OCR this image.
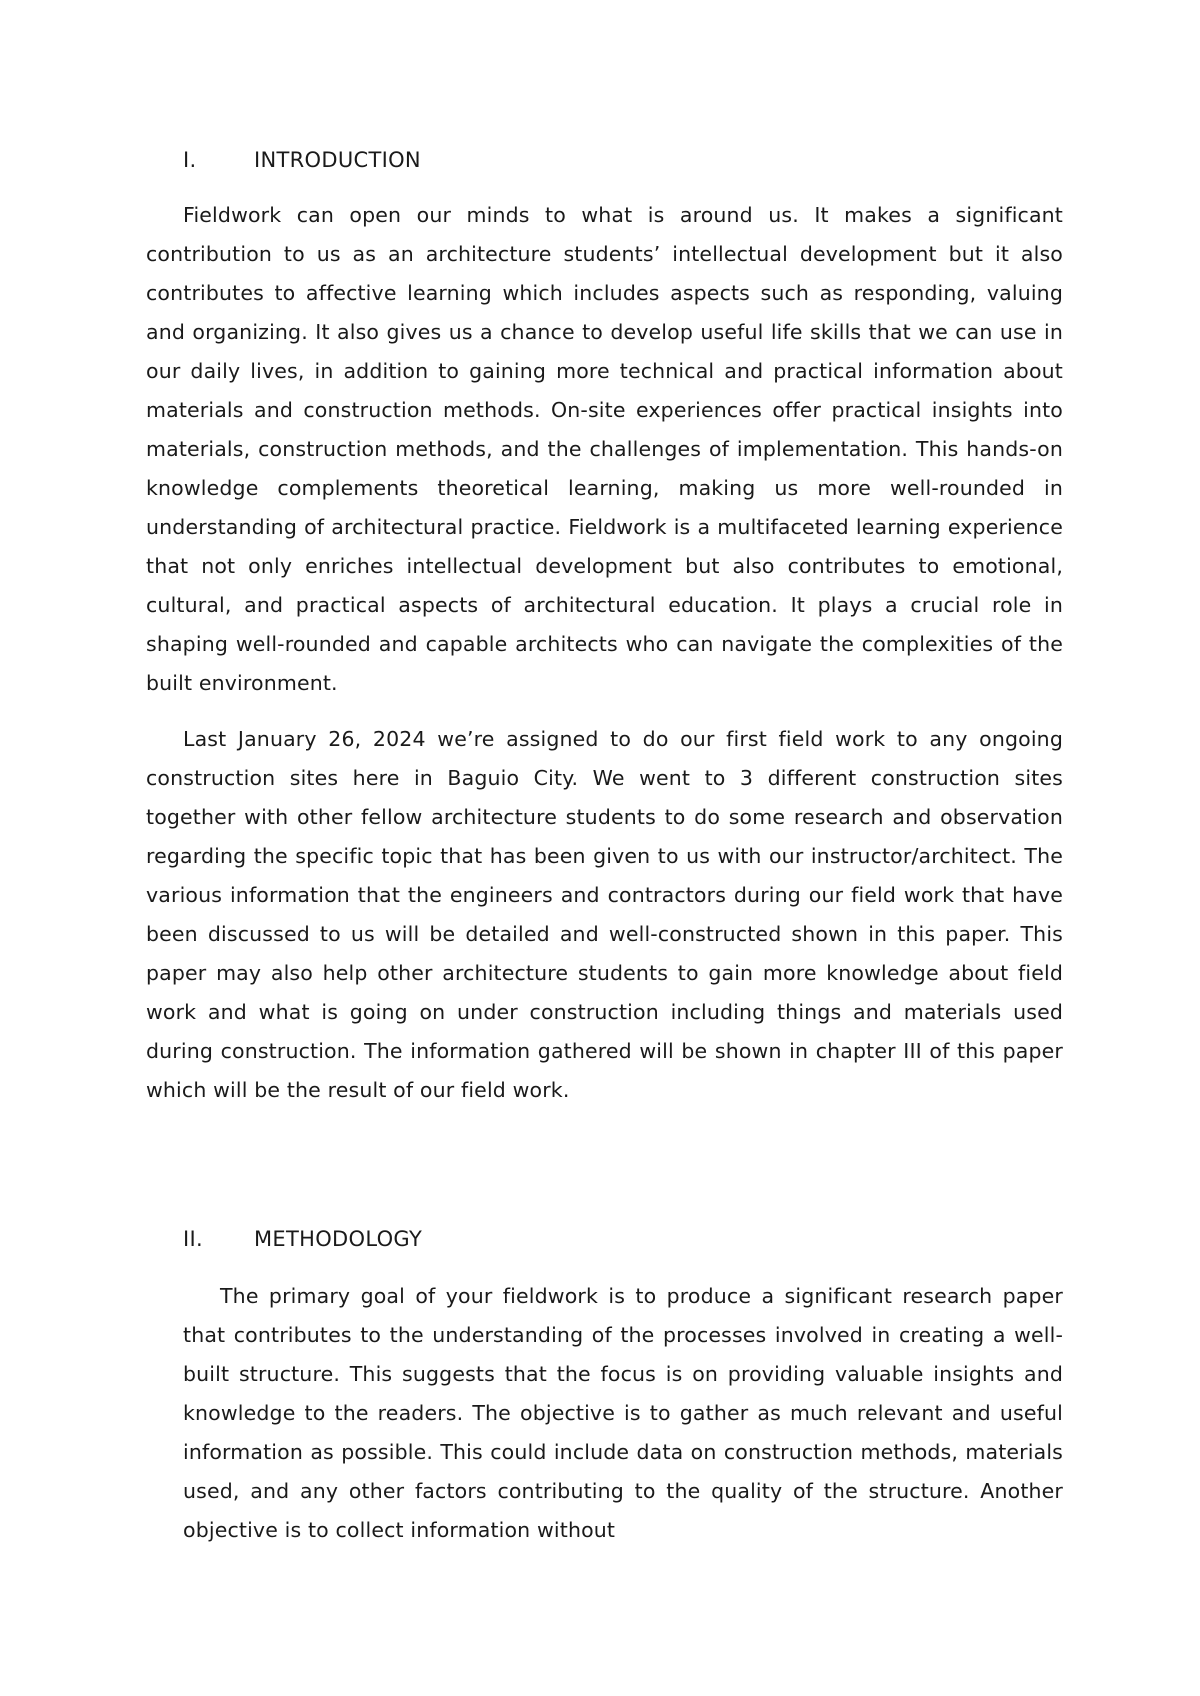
I.	INTRODUCTION

Fieldwork can open our minds to what is around us. It makes a significant contribution to us as an architecture students’ intellectual development but it also contributes to affective learning which includes aspects such as responding, valuing and organizing. It also gives us a chance to develop useful life skills that we can use in our daily lives, in addition to gaining more technical and practical information about materials and construction methods. On-site experiences offer practical insights into materials, construction methods, and the challenges of implementation. This hands-on knowledge complements theoretical learning, making us more well-rounded in understanding of architectural practice. Fieldwork is a multifaceted learning experience that not only enriches intellectual development but also contributes to emotional, cultural, and practical aspects of architectural education. It plays a crucial role in shaping well-rounded and capable architects who can navigate the complexities of the built environment.

Last January 26, 2024 we’re assigned to do our first field work to any ongoing construction sites here in Baguio City. We went to 3 different construction sites together with other fellow architecture students to do some research and observation regarding the specific topic that has been given to us with our instructor/architect. The various information that the engineers and contractors during our field work that have been discussed to us will be detailed and well-constructed shown in this paper. This paper may also help other architecture students to gain more knowledge about field work and what is going on under construction including things and materials used during construction. The information gathered will be shown in chapter III of this paper which will be the result of our field work.

II. METHODOLOGY

The primary goal of your fieldwork is to produce a significant research paper that contributes to the understanding of the processes involved in creating a well-built structure. This suggests that the focus is on providing valuable insights and knowledge to the readers. The objective is to gather as much relevant and useful information as possible. This could include data on construction methods, materials used, and any other factors contributing to the quality of the structure. Another objective is to collect information without
